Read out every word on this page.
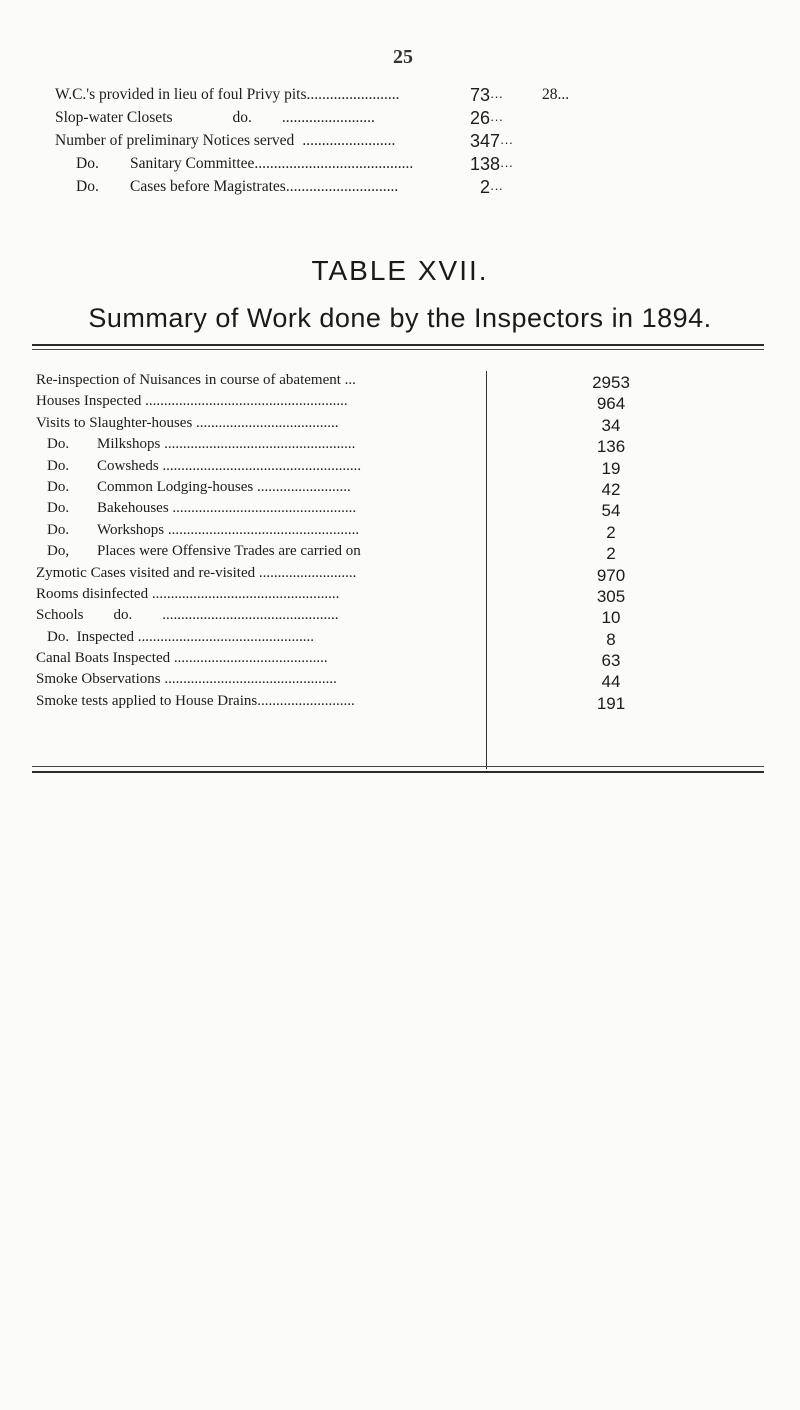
25
W.C.'s provided in lieu of foul Privy pits........................	73···	28...
Slop-water Closets	do. ........................	26···
Number of preliminary Notices served ........................	347···
Do. Sanitary Committee.........................................	138···
Do. Cases before Magistrates.............................	2···
TABLE XVII.
Summary of Work done by the Inspectors in 1894.
Re-inspection of Nuisances in course of abatement ...	2953
Houses Inspected ......................................................	964
Visits to Slaughter-houses ......................................	34
Do. Milkshops ...................................................	136
Do. Cowsheds .....................................................	19
Do. Common Lodging-houses .........................	42
Do. Bakehouses .................................................	54
Do. Workshops ...................................................	2
Do, Places were Offensive Trades are carried on	2
Zymotic Cases visited and re-visited ..........................	970
Rooms disinfected ..................................................	305
Schools        do.        ...............................................	10
Do.  Inspected ...............................................	8
Canal Boats Inspected .........................................	63
Smoke Observations ..............................................	44
Smoke tests applied to House Drains..........................	191
